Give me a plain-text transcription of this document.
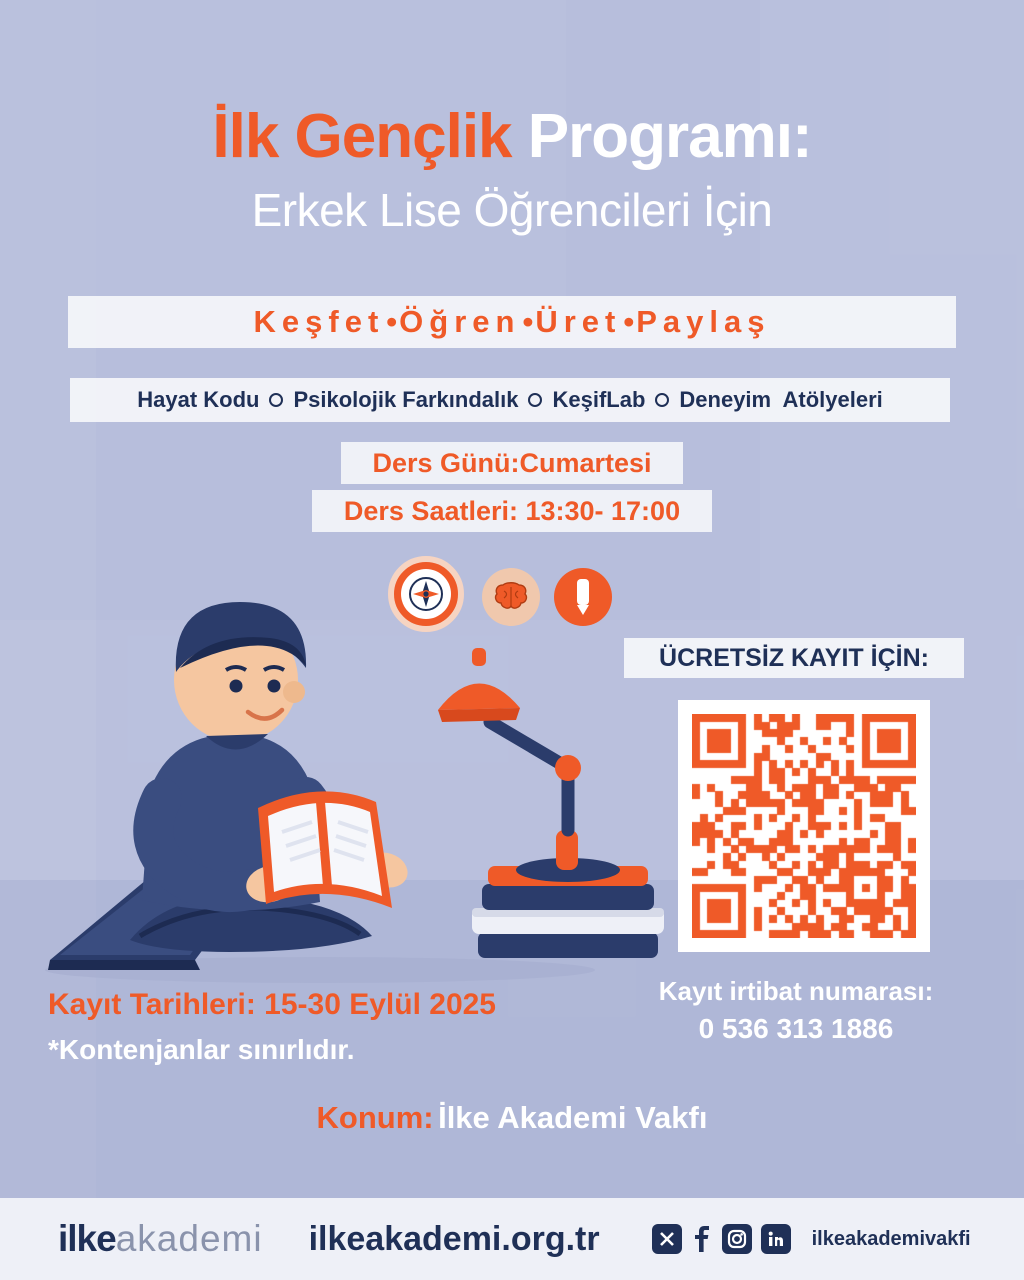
İlk Gençlik Programı:
Erkek Lise Öğrencileri İçin
Keşfet • Öğren • Üret • Paylaş
Hayat Kodu Psikolojik Farkındalık KeşifLab Deneyim  Atölyeleri
Ders Günü:Cumartesi
Ders Saatleri: 13:30- 17:00
ÜCRETSİZ KAYIT İÇİN:
Kayıt irtibat numarası:
0 536 313 1886
Kayıt Tarihleri: 15-30 Eylül 2025
*Kontenjanlar sınırlıdır.
Konum: İlke Akademi Vakfı
ilke akademi ilkeakademi.org.tr	ilkeakademivakfi
